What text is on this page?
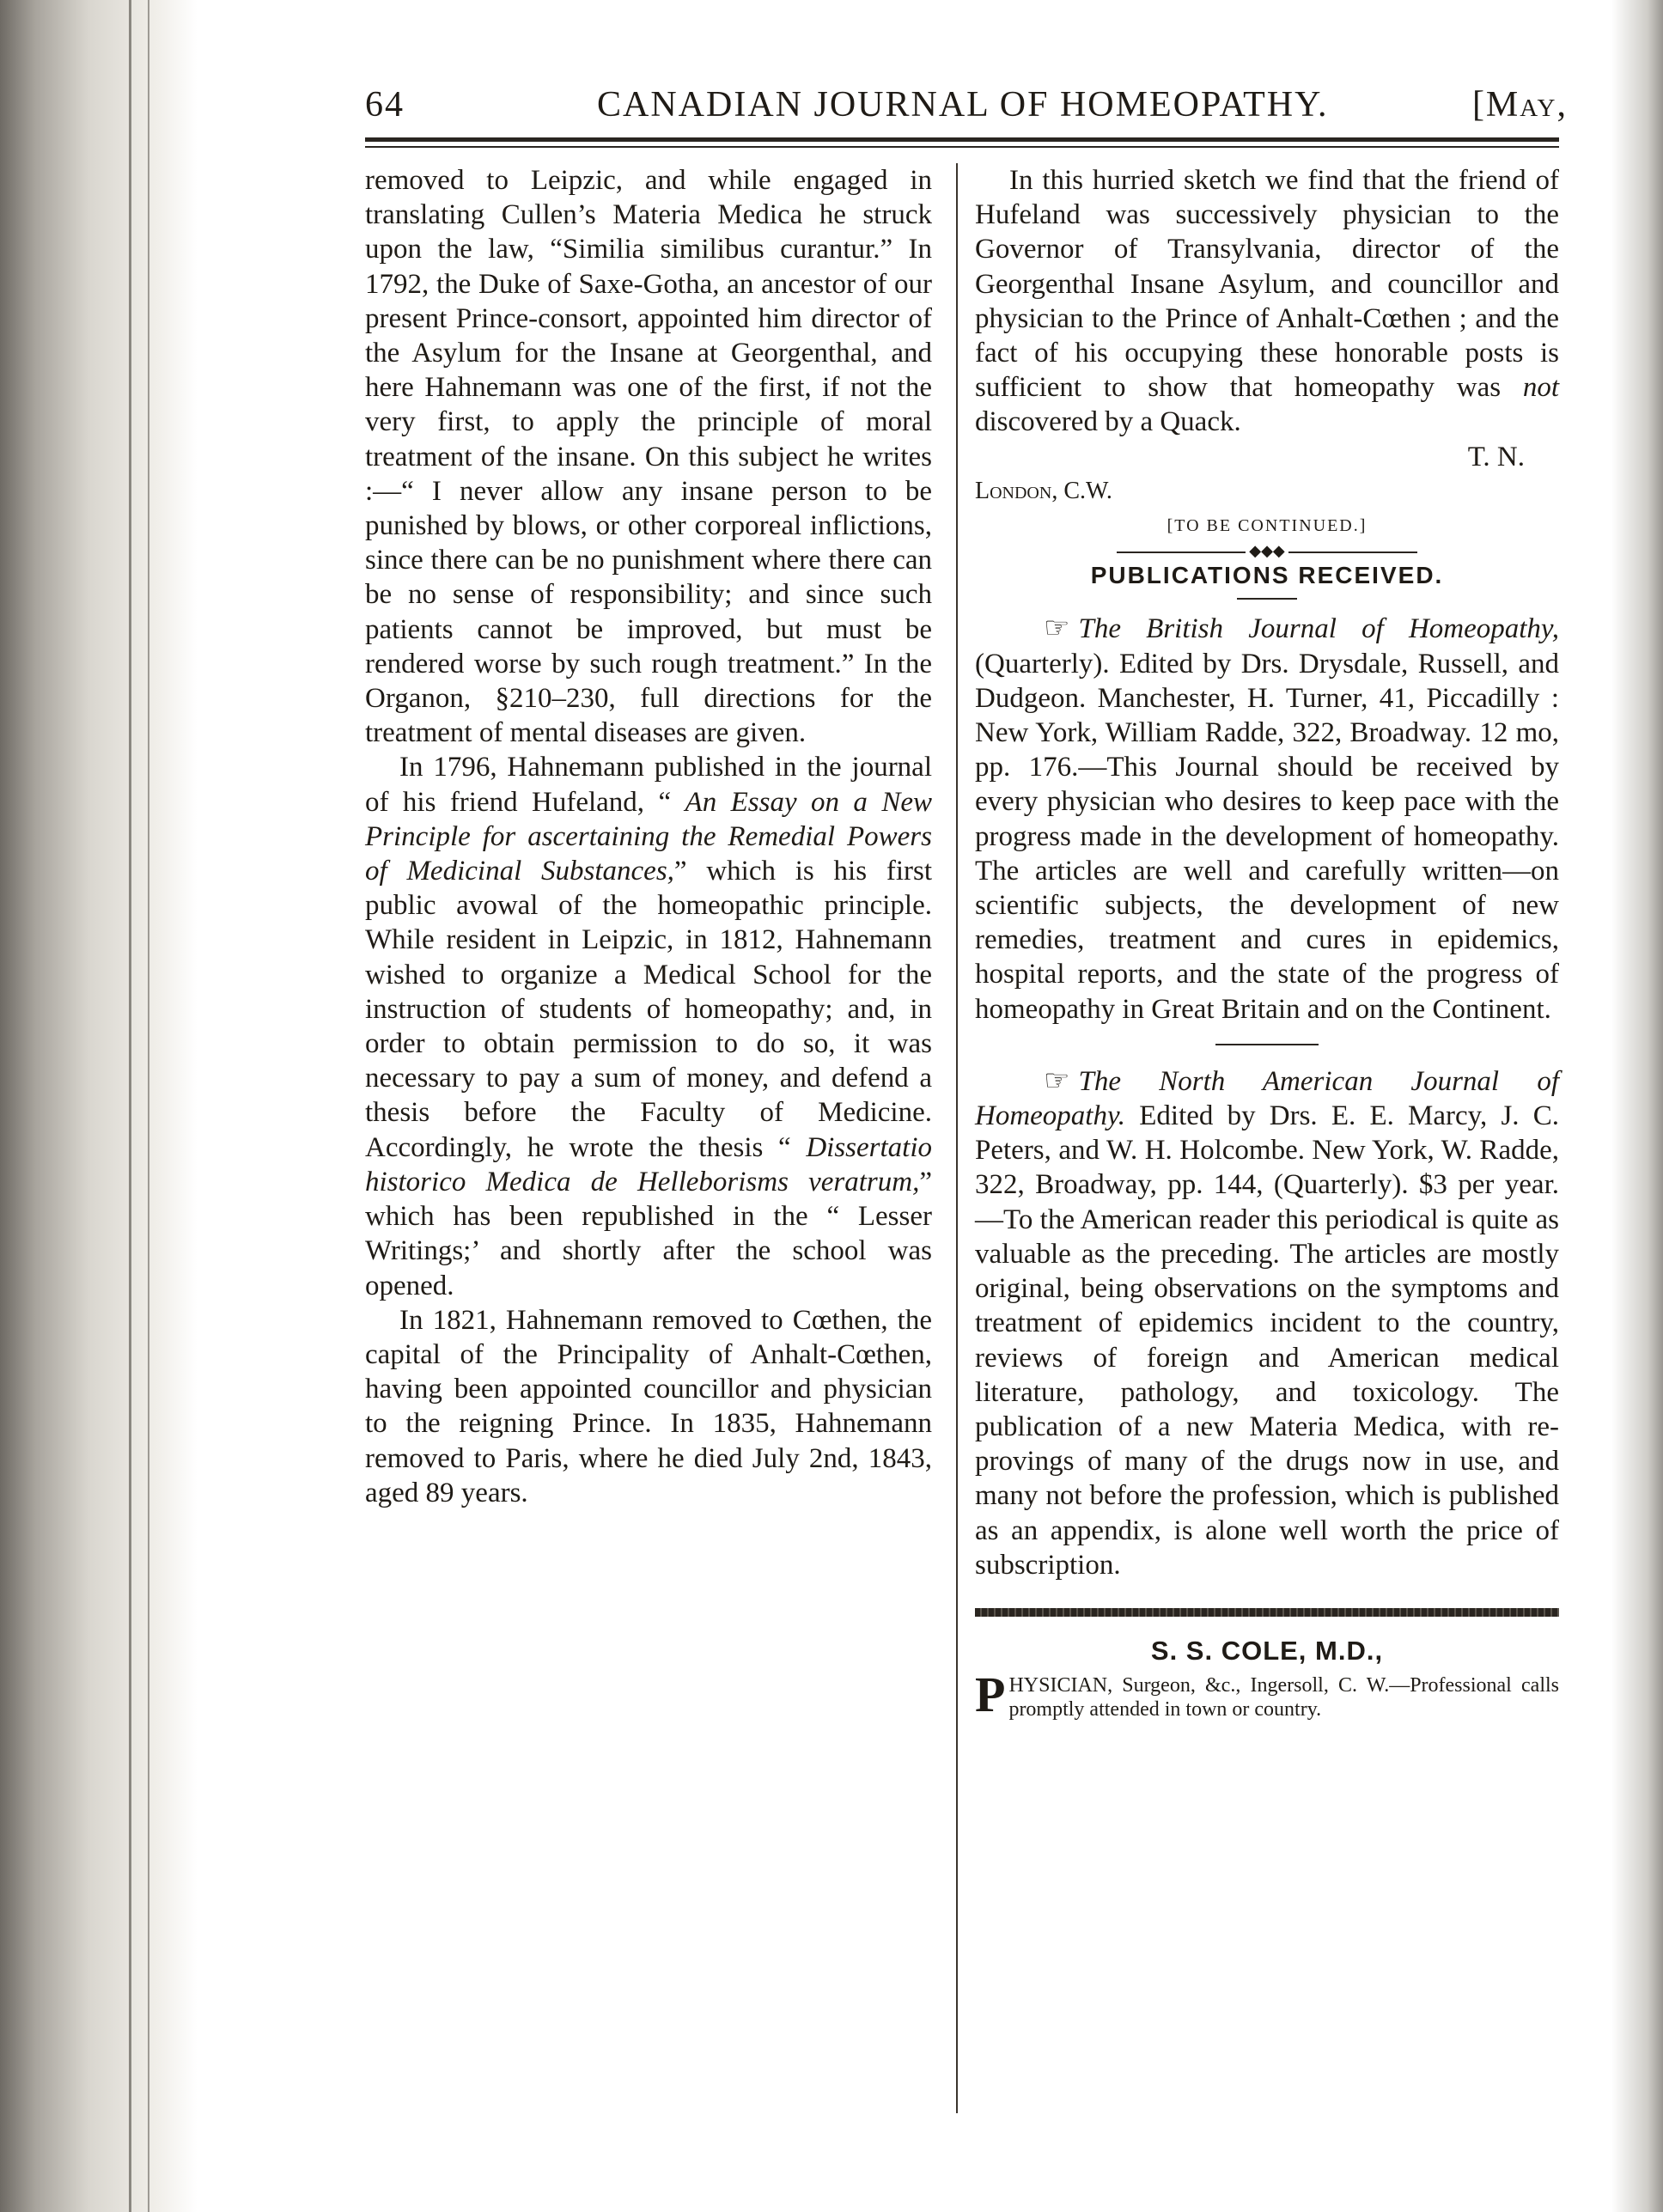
64	CANADIAN JOURNAL OF HOMEOPATHY.	[May,

removed to Leipzic, and while engaged in translating Cullen’s Materia Medica he struck upon the law, “Similia similibus curantur.” In 1792, the Duke of Saxe-Gotha, an ancestor of our present Prince-consort, appointed him director of the Asylum for the Insane at Georgenthal, and here Hahnemann was one of the first, if not the very first, to apply the principle of moral treatment of the insane. On this subject he writes :—“ I never allow any insane person to be punished by blows, or other corporeal inflictions, since there can be no punishment where there can be no sense of responsibility; and since such patients cannot be improved, but must be rendered worse by such rough treatment.” In the Organon, §210–230, full directions for the treatment of mental diseases are given.

In 1796, Hahnemann published in the journal of his friend Hufeland, “ An Essay on a New Principle for ascertaining the Remedial Powers of Medicinal Substances,” which is his first public avowal of the homeopathic principle. While resident in Leipzic, in 1812, Hahnemann wished to organize a Medical School for the instruction of students of homeopathy; and, in order to obtain permission to do so, it was necessary to pay a sum of money, and defend a thesis before the Faculty of Medicine. Accordingly, he wrote the thesis “ Dissertatio historico Medica de Helleborisms veratrum,” which has been republished in the “ Lesser Writings;’ and shortly after the school was opened.

In 1821, Hahnemann removed to Cœthen, the capital of the Principality of Anhalt-Cœthen, having been appointed councillor and physician to the reigning Prince. In 1835, Hahnemann removed to Paris, where he died July 2nd, 1843, aged 89 years.

In this hurried sketch we find that the friend of Hufeland was successively physician to the Governor of Transylvania, director of the Georgenthal Insane Asylum, and councillor and physician to the Prince of Anhalt-Cœthen ; and the fact of his occupying these honorable posts is sufficient to show that homeopathy was not discovered by a Quack.

T. N.

London, C.W.

[TO BE CONTINUED.]

◆◆◆

PUBLICATIONS RECEIVED.

☞ The British Journal of Homeopathy, (Quarterly). Edited by Drs. Drysdale, Russell, and Dudgeon. Manchester, H. Turner, 41, Piccadilly : New York, William Radde, 322, Broadway. 12 mo, pp. 176.—This Journal should be received by every physician who desires to keep pace with the progress made in the development of homeopathy. The articles are well and carefully written—on scientific subjects, the development of new remedies, treatment and cures in epidemics, hospital reports, and the state of the progress of homeopathy in Great Britain and on the Continent.

☞ The North American Journal of Homeopathy. Edited by Drs. E. E. Marcy, J. C. Peters, and W. H. Holcombe. New York, W. Radde, 322, Broadway, pp. 144, (Quarterly). $3 per year.—To the American reader this periodical is quite as valuable as the preceding. The articles are mostly original, being observations on the symptoms and treatment of epidemics incident to the country, reviews of foreign and American medical literature, pathology, and toxicology. The publication of a new Materia Medica, with re-provings of many of the drugs now in use, and many not before the profession, which is published as an appendix, is alone well worth the price of subscription.

S. S. COLE, M.D.,
PHYSICIAN, Surgeon, &c., Ingersoll, C. W.—Professional calls promptly attended in town or country.
